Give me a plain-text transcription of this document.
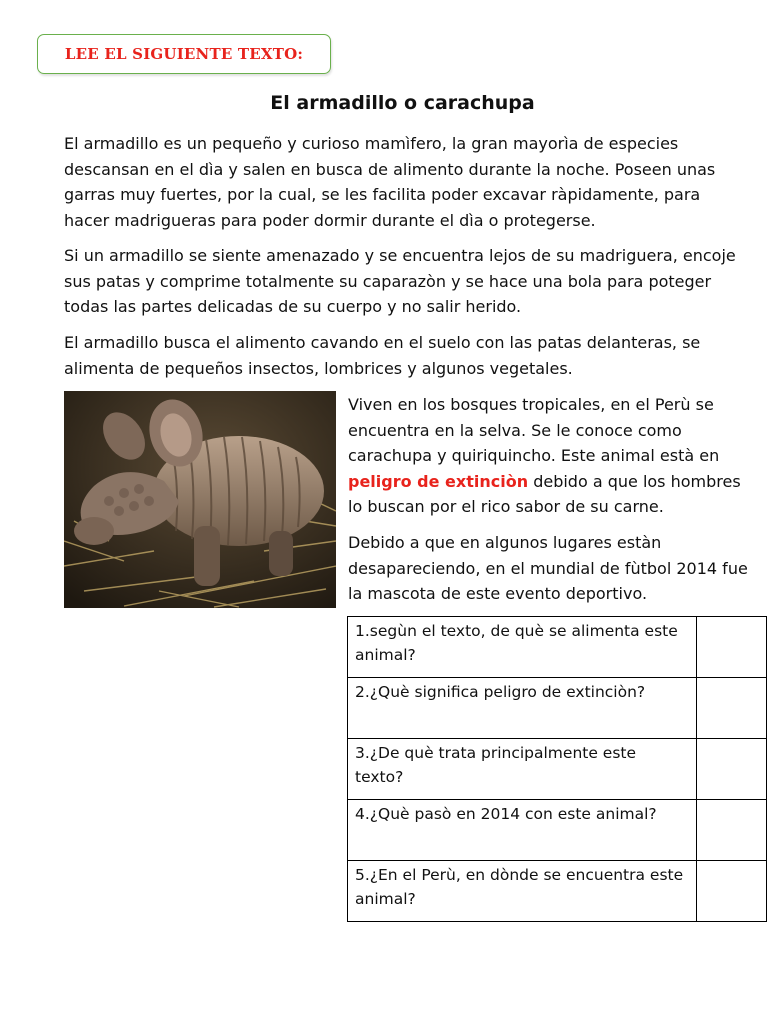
LEE EL SIGUIENTE TEXTO:
El armadillo o carachupa

El armadillo es un pequeño y curioso mamìfero, la gran mayorìa de especies descansan en el dìa y salen en busca de alimento durante la noche. Poseen unas garras muy fuertes, por la cual, se les facilita poder excavar ràpidamente, para hacer madrigueras para poder dormir durante el dìa o protegerse.

Si un armadillo se siente amenazado y se encuentra lejos de su madriguera, encoje sus patas y comprime totalmente su caparazòn y se hace una bola para poteger todas las partes delicadas de su cuerpo y no salir herido.

El armadillo busca el alimento cavando en el suelo con las patas delanteras, se alimenta de pequeños insectos, lombrices y algunos vegetales.

Viven en los bosques tropicales, en el Perù se encuentra en la selva. Se le conoce como carachupa y quiriquincho. Este animal està en peligro de extinciòn debido a que los hombres lo buscan por el rico sabor de su carne.

Debido a que en algunos lugares estàn desapareciendo, en el mundial de fùtbol 2014 fue la mascota de este evento deportivo.

1.segùn el texto, de què se alimenta este animal?	
2.¿Què significa peligro de extinciòn?	
3.¿De què trata principalmente este texto?	
4.¿Què pasò en 2014 con este animal?	
5.¿En el Perù, en dònde se encuentra este animal?	
